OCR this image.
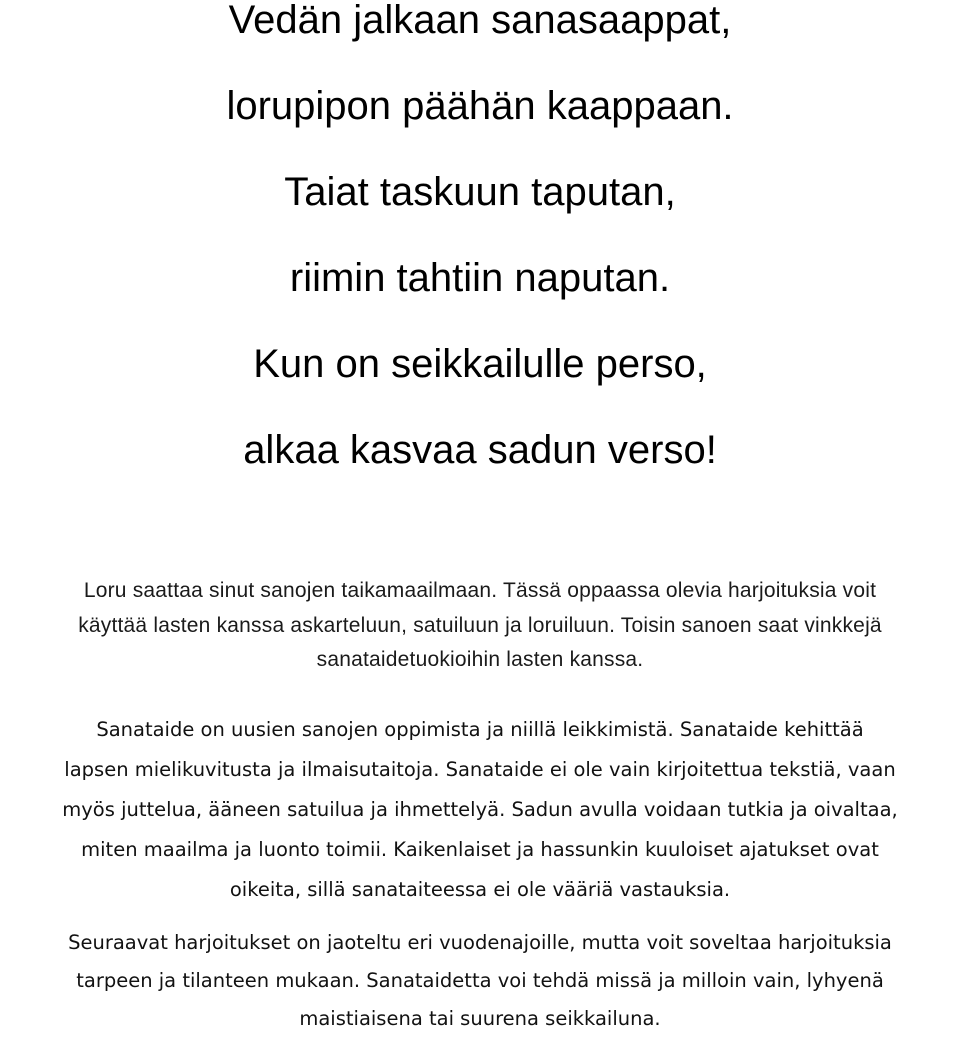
Vedän jalkaan sanasaappat,
lorupipon päähän kaappaan.
Taiat taskuun taputan,
riimin tahtiin naputan.
Kun on seikkailulle perso,
alkaa kasvaa sadun verso!
Loru saattaa sinut sanojen taikamaailmaan. Tässä oppaassa olevia harjoituksia voit
käyttää lasten kanssa askarteluun, satuiluun ja loruiluun. Toisin sanoen saat vinkkejä
sanataidetuokioihin lasten kanssa.
Sanataide on uusien sanojen oppimista ja niillä leikkimistä. Sanataide kehittää
lapsen mielikuvitusta ja ilmaisutaitoja. Sanataide ei ole vain kirjoitettua tekstiä, vaan
myös juttelua, ääneen satuilua ja ihmettelyä. Sadun avulla voidaan tutkia ja oivaltaa,
miten maailma ja luonto toimii. Kaikenlaiset ja hassunkin kuuloiset ajatukset ovat
oikeita, sillä sanataiteessa ei ole vääriä vastauksia.
Seuraavat harjoitukset on jaoteltu eri vuodenajoille, mutta voit soveltaa harjoituksia
tarpeen ja tilanteen mukaan. Sanataidetta voi tehdä missä ja milloin vain, lyhyenä
maistiaisena tai suurena seikkailuna.
